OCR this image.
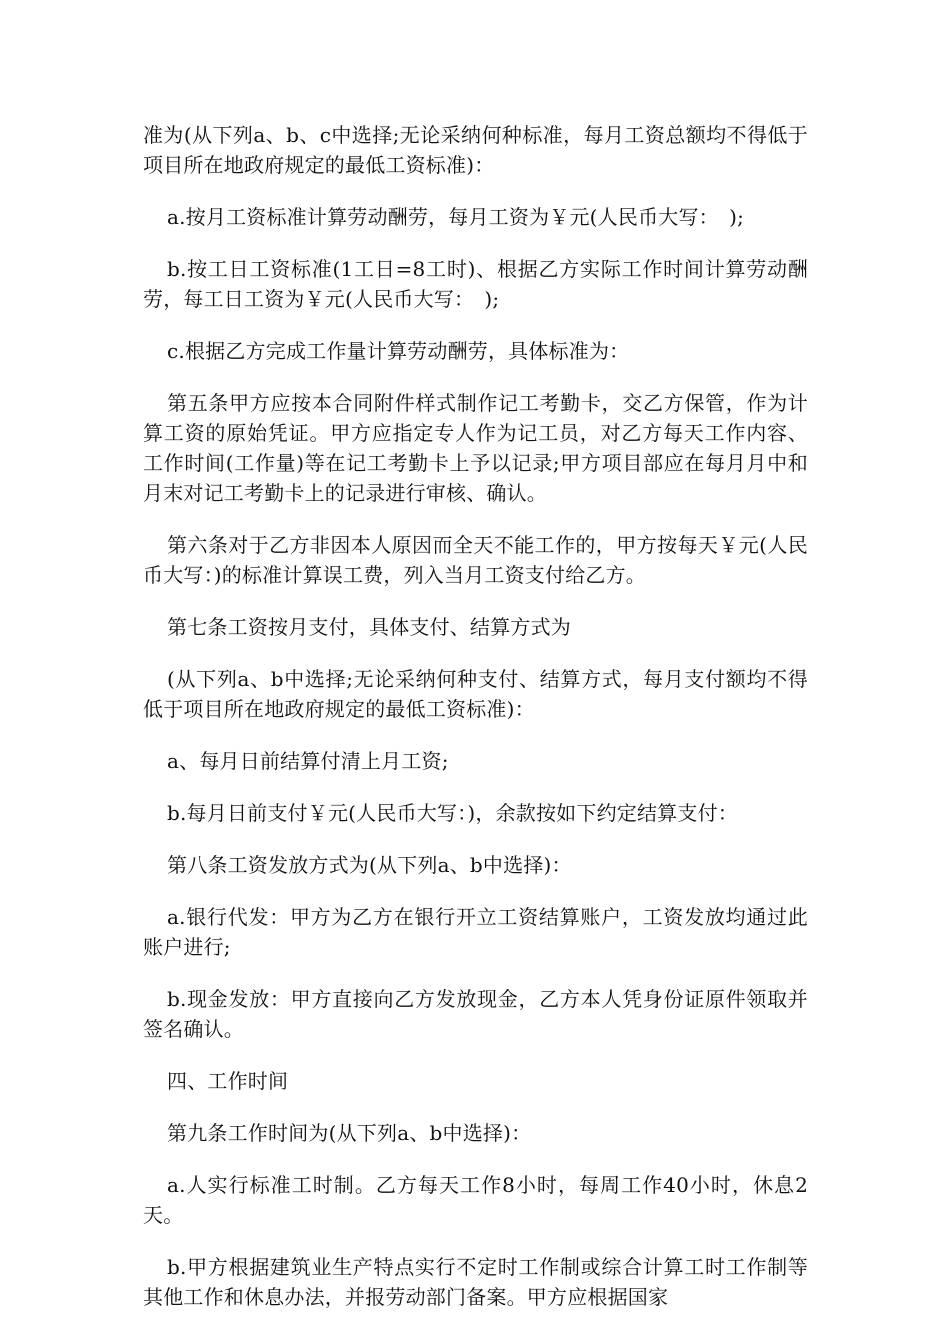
准为(从下列a、b、c中选择;无论采纳何种标准，每月工资总额均不得低于项目所在地政府规定的最低工资标准)：

a.按月工资标准计算劳动酬劳，每月工资为￥元(人民币大写：　);

b.按工日工资标准(1工日=8工时)、根据乙方实际工作时间计算劳动酬劳，每工日工资为￥元(人民币大写：　);

c.根据乙方完成工作量计算劳动酬劳，具体标准为：

第五条甲方应按本合同附件样式制作记工考勤卡，交乙方保管，作为计算工资的原始凭证。甲方应指定专人作为记工员，对乙方每天工作内容、工作时间(工作量)等在记工考勤卡上予以记录;甲方项目部应在每月月中和月末对记工考勤卡上的记录进行审核、确认。

第六条对于乙方非因本人原因而全天不能工作的，甲方按每天￥元(人民币大写：)的标准计算误工费，列入当月工资支付给乙方。

第七条工资按月支付，具体支付、结算方式为

(从下列a、b中选择;无论采纳何种支付、结算方式，每月支付额均不得低于项目所在地政府规定的最低工资标准)：

a、每月日前结算付清上月工资;

b.每月日前支付￥元(人民币大写：)，余款按如下约定结算支付：

第八条工资发放方式为(从下列a、b中选择)：

a.银行代发：甲方为乙方在银行开立工资结算账户，工资发放均通过此账户进行;

b.现金发放：甲方直接向乙方发放现金，乙方本人凭身份证原件领取并签名确认。

四、工作时间

第九条工作时间为(从下列a、b中选择)：

a.人实行标准工时制。乙方每天工作8小时，每周工作40小时，休息2天。

b.甲方根据建筑业生产特点实行不定时工作制或综合计算工时工作制等其他工作和休息办法，并报劳动部门备案。甲方应根据国家
